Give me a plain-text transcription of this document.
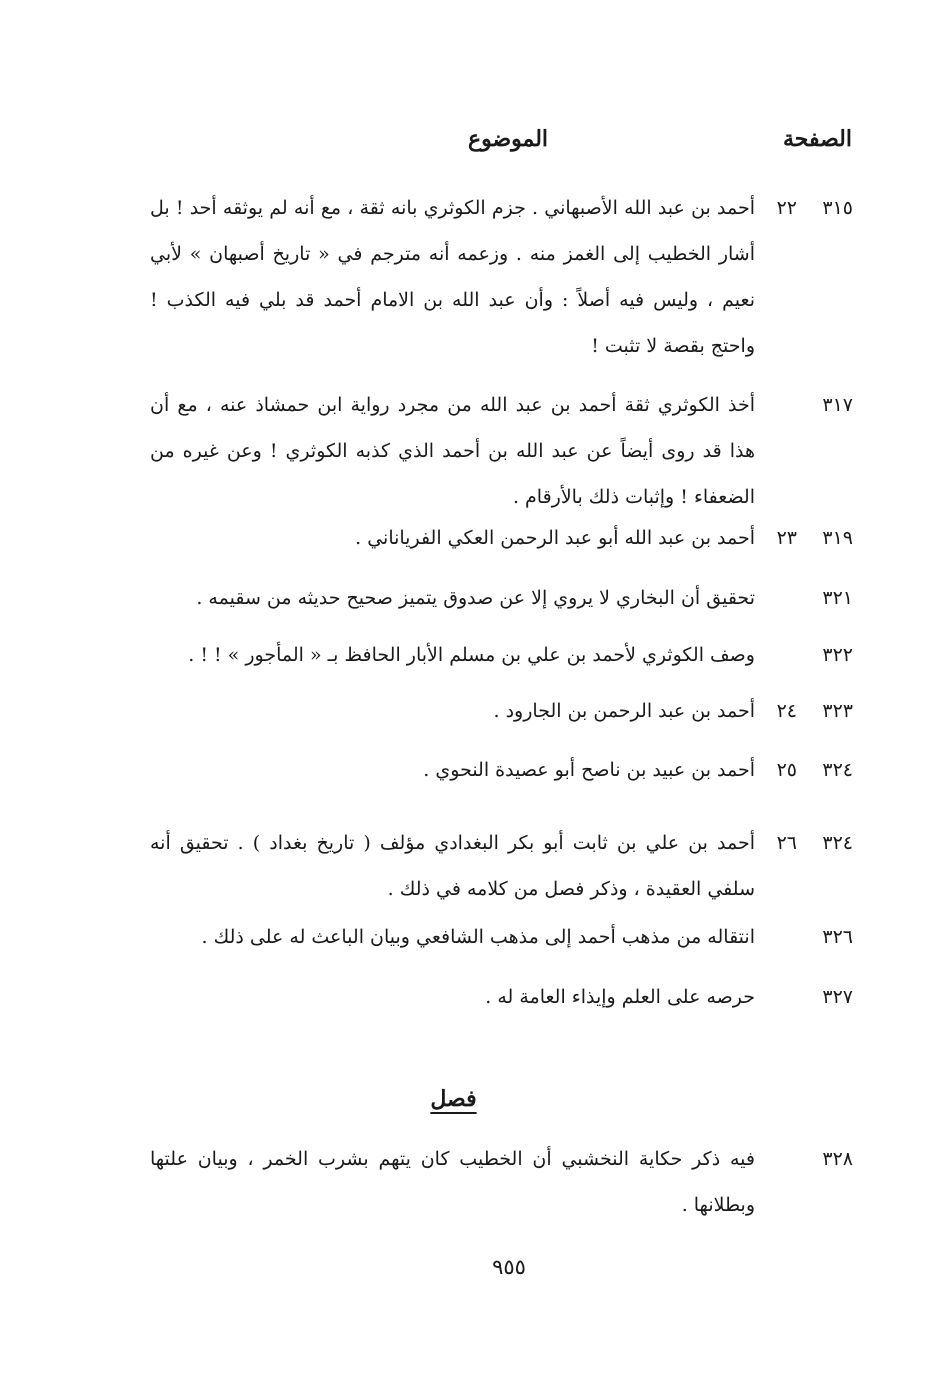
الصفحة
الموضوع
٣١٥
٢٢
أحمد بن عبد الله الأصبهاني . جزم الكوثري بانه ثقة ، مع أنه لم يوثقه أحد ! بل أشار الخطيب إلى الغمز منه . وزعمه أنه مترجم في « تاريخ أصبهان » لأبي نعيم ، وليس فيه أصلاً : وأن عبد الله بن الامام أحمد قد بلي فيه الكذب ! واحتج بقصة لا تثبت !
٣١٧
أخذ الكوثري ثقة أحمد بن عبد الله من مجرد رواية ابن حمشاذ عنه ، مع أن هذا قد روى أيضاً عن عبد الله بن أحمد الذي كذبه الكوثري ! وعن غيره من الضعفاء ! وإثبات ذلك بالأرقام .
٣١٩
٢٣
أحمد بن عبد الله أبو عبد الرحمن العكي الفرياناني .
٣٢١
تحقيق أن البخاري لا يروي إلا عن صدوق يتميز صحيح حديثه من سقيمه .
٣٢٢
وصف الكوثري لأحمد بن علي بن مسلم الأبار الحافظ بـ « المأجور » ! ! .
٣٢٣
٢٤
أحمد بن عبد الرحمن بن الجارود .
٣٢٤
٢٥
أحمد بن عبيد بن ناصح أبو عصيدة النحوي .
٣٢٤
٢٦
أحمد بن علي بن ثابت أبو بكر البغدادي مؤلف ( تاريخ بغداد ) . تحقيق أنه سلفي العقيدة ، وذكر فصل من كلامه في ذلك .
٣٢٦
انتقاله من مذهب أحمد إلى مذهب الشافعي وبيان الباعث له على ذلك .
٣٢٧
حرصه على العلم وإيذاء العامة له .
فصل
٣٢٨
فيه ذكر حكاية النخشبي أن الخطيب كان يتهم بشرب الخمر ، وبيان علتها وبطلانها .
٩٥٥
